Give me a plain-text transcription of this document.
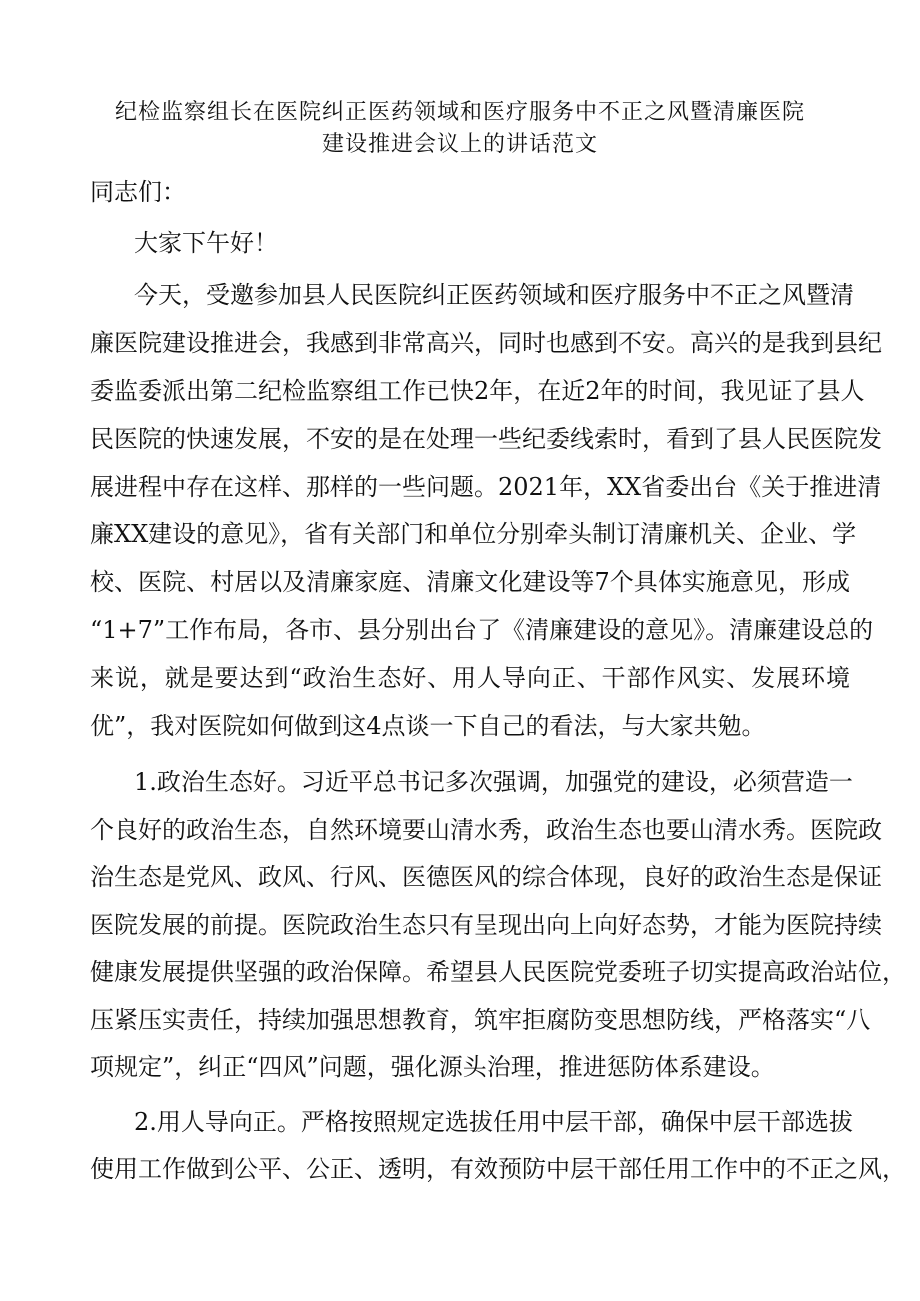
纪检监察组长在医院纠正医药领域和医疗服务中不正之风暨清廉医院
建设推进会议上的讲话范文
同志们：
大家下午好！
今天，受邀参加县人民医院纠正医药领域和医疗服务中不正之风暨清
廉医院建设推进会，我感到非常高兴，同时也感到不安。高兴的是我到县纪
委监委派出第二纪检监察组工作已快2年，在近2年的时间，我见证了县人
民医院的快速发展，不安的是在处理一些纪委线索时，看到了县人民医院发
展进程中存在这样、那样的一些问题。2021年，XX省委出台《关于推进清
廉XX建设的意见》，省有关部门和单位分别牵头制订清廉机关、企业、学
校、医院、村居以及清廉家庭、清廉文化建设等7个具体实施意见，形成
“1+7”工作布局，各市、县分别出台了《清廉建设的意见》。清廉建设总的
来说，就是要达到“政治生态好、用人导向正、干部作风实、发展环境
优”，我对医院如何做到这4点谈一下自己的看法，与大家共勉。
1.政治生态好。习近平总书记多次强调，加强党的建设，必须营造一
个良好的政治生态，自然环境要山清水秀，政治生态也要山清水秀。医院政
治生态是党风、政风、行风、医德医风的综合体现，良好的政治生态是保证
医院发展的前提。医院政治生态只有呈现出向上向好态势，才能为医院持续
健康发展提供坚强的政治保障。希望县人民医院党委班子切实提高政治站位，
压紧压实责任，持续加强思想教育，筑牢拒腐防变思想防线，严格落实“八
项规定”，纠正“四风”问题，强化源头治理，推进惩防体系建设。
2.用人导向正。严格按照规定选拔任用中层干部，确保中层干部选拔
使用工作做到公平、公正、透明，有效预防中层干部任用工作中的不正之风，
